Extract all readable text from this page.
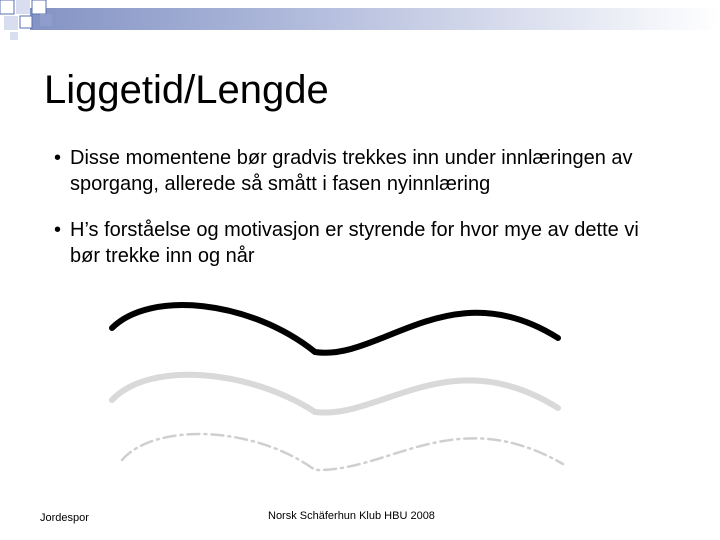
Liggetid/Lengde
• Disse momentene bør gradvis trekkes inn under innlæringen av sporgang, allerede så smått i fasen nyinnlæring
• H’s forståelse og motivasjon er styrende for hvor mye av dette vi bør trekke inn og når
Jordespor	Norsk Schäferhun Klub HBU 2008
